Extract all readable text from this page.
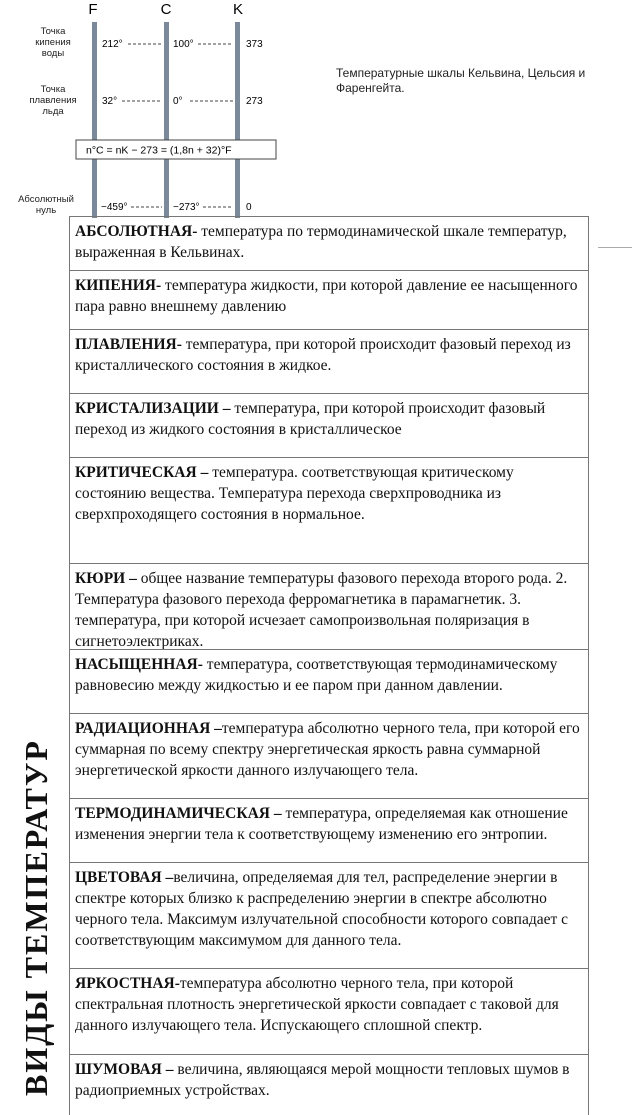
F	C	K
Точка
кипения
воды
Точка
плавления
льда
Абсолютный
нуль
212°	100°	373
32°	0°	273
n°C = nK − 273 = (1,8n + 32)°F
−459°	−273°	0
Температурные шкалы Кельвина, Цельсия и Фаренгейта.
ВИДЫ ТЕМПЕРАТУР
АБСОЛЮТНАЯ- температура по термодинамической шкале температур, выраженная в Кельвинах.
КИПЕНИЯ- температура жидкости, при которой давление ее насыщенного пара равно внешнему давлению
ПЛАВЛЕНИЯ- температура, при которой происходит фазовый переход из кристаллического состояния в жидкое.
КРИСТАЛИЗАЦИИ – температура, при которой происходит фазовый переход из жидкого состояния в кристаллическое
КРИТИЧЕСКАЯ – температура. соответствующая критическому состоянию вещества. Температура перехода сверхпроводника из сверхпроходящего состояния в нормальное.
КЮРИ – общее название температуры фазового перехода второго рода. 2. Температура фазового перехода ферромагнетика в парамагнетик. 3. температура, при которой исчезает самопроизвольная поляризация в сигнетоэлектриках.
НАСЫЩЕННАЯ- температура, соответствующая термодинамическому равновесию между жидкостью и ее паром при данном давлении.
РАДИАЦИОННАЯ –температура абсолютно черного тела, при которой его суммарная по всему спектру энергетическая яркость равна суммарной энергетической яркости данного излучающего тела.
ТЕРМОДИНАМИЧЕСКАЯ – температура, определяемая как отношение изменения энергии тела к соответствующему изменению его энтропии.
ЦВЕТОВАЯ –величина, определяемая для тел, распределение энергии в спектре которых близко к распределению энергии в спектре абсолютно черного тела. Максимум излучательной способности которого совпадает с соответствующим максимумом для данного тела.
ЯРКОСТНАЯ-температура абсолютно черного тела, при которой спектральная плотность энергетической яркости совпадает с таковой для данного излучающего тела. Испускающего сплошной спектр.
ШУМОВАЯ – величина, являющаяся мерой мощности тепловых шумов в радиоприемных устройствах.
